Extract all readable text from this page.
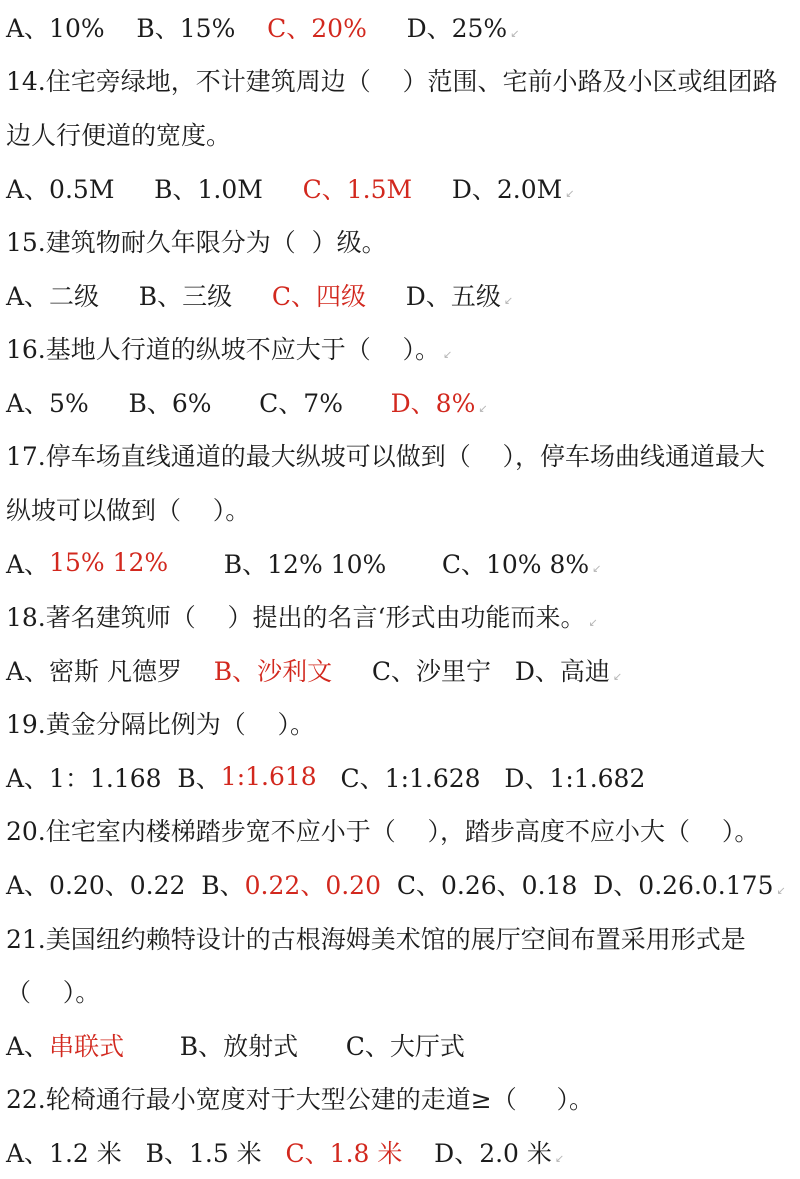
A、10%    B、15% C、20% D、25% ↙
14.住宅旁绿地，不计建筑周边（    ）范围、宅前小路及小区或组团路
边人行便道的宽度。
A、0.5M     B、1.0M C、1.5M D、2.0M ↙
15.建筑物耐久年限分为（  ）级。
A、二级     B、三级 C、四级 D、五级 ↙
16.基地人行道的纵坡不应大于（    ）。 ↙
A、5%     B、6%      C、7% D、8% ↙
17.停车场直线通道的最大纵坡可以做到（    ），停车场曲线通道最大
纵坡可以做到（    ）。
A、 15% 12% B、12% 10%       C、10% 8% ↙
18.著名建筑师（    ）提出的名言‘形式由功能而来。 ↙
A、密斯 凡德罗 B、沙利文 C、沙里宁   D、高迪 ↙
19.黄金分隔比例为（    ）。
A、1：1.168  B、 1:1.618 C、1:1.628   D、1:1.682
20.住宅室内楼梯踏步宽不应小于（    ），踏步高度不应小大（    ）。
A、0.20、0.22  B、 0.22、0.20 C、0.26、0.18  D、0.26.0.175 ↙
21.美国纽约赖特设计的古根海姆美术馆的展厅空间布置采用形式是
（    ）。
A、 串联式 B、放射式      C、大厅式
22.轮椅通行最小宽度对于大型公建的走道≥（     ）。
A、1.2 米   B、1.5 米 C、1.8 米 D、2.0 米 ↙
